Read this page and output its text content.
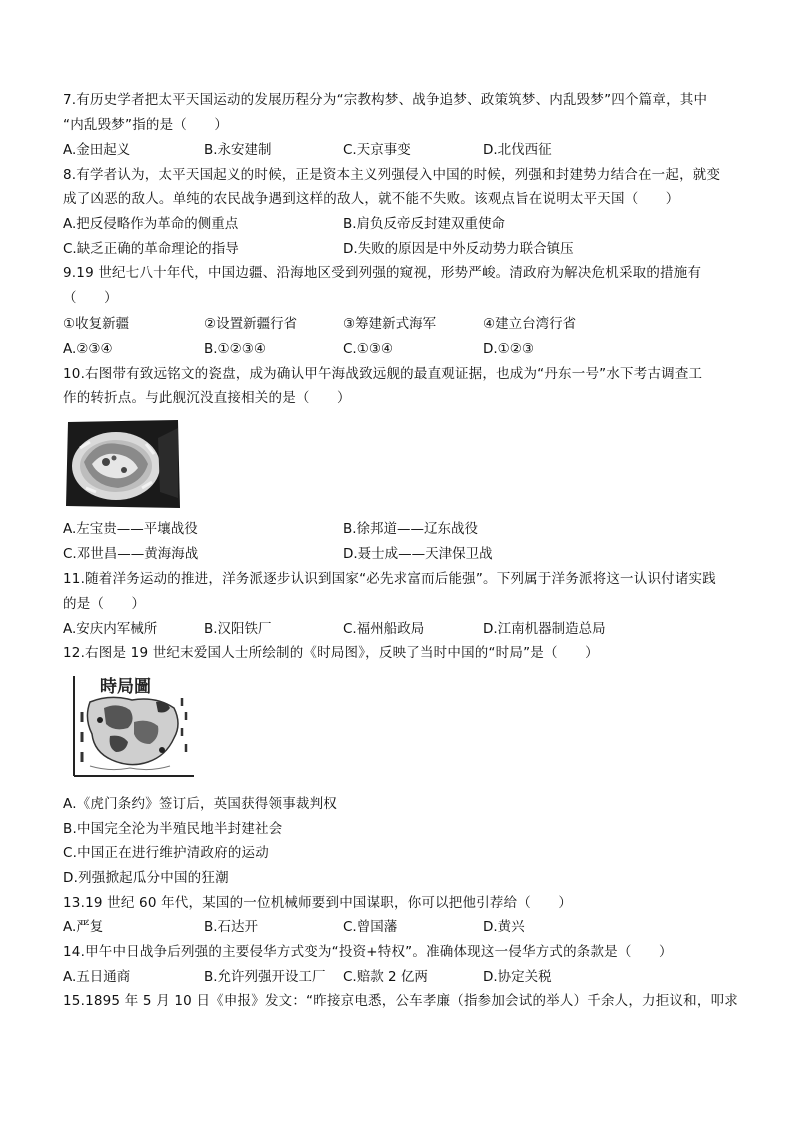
7.有历史学者把太平天国运动的发展历程分为“宗教构梦、战争追梦、政策筑梦、内乱毁梦”四个篇章，其中
“内乱毁梦”指的是（　　）
A.金田起义	B.永安建制	C.天京事变	D.北伐西征
8.有学者认为，太平天国起义的时候，正是资本主义列强侵入中国的时候，列强和封建势力结合在一起，就变
成了凶恶的敌人。单纯的农民战争遇到这样的敌人，就不能不失败。该观点旨在说明太平天国（　　）
A.把反侵略作为革命的侧重点	B.肩负反帝反封建双重使命
C.缺乏正确的革命理论的指导	D.失败的原因是中外反动势力联合镇压
9.19 世纪七八十年代，中国边疆、沿海地区受到列强的窥视，形势严峻。清政府为解决危机采取的措施有
（　　）
①收复新疆	②设置新疆行省	③筹建新式海军	④建立台湾行省
A.②③④	B.①②③④	C.①③④	D.①②③
10.右图带有致远铭文的瓷盘，成为确认甲午海战致远舰的最直观证据，也成为“丹东一号”水下考古调查工
作的转折点。与此舰沉没直接相关的是（　　）
A.左宝贵——平壤战役	B.徐邦道——辽东战役
C.邓世昌——黄海海战	D.聂士成——天津保卫战
11.随着洋务运动的推进，洋务派逐步认识到国家“必先求富而后能强”。下列属于洋务派将这一认识付诸实践
的是（　　）
A.安庆内军械所	B.汉阳铁厂	C.福州船政局	D.江南机器制造总局
12.右图是 19 世纪末爱国人士所绘制的《时局图》，反映了当时中国的“时局”是（　　）
時局圖
A.《虎门条约》签订后，英国获得领事裁判权
B.中国完全沦为半殖民地半封建社会
C.中国正在进行维护清政府的运动
D.列强掀起瓜分中国的狂潮
13.19 世纪 60 年代，某国的一位机械师要到中国谋职，你可以把他引荐给（　　）
A.严复	B.石达开	C.曾国藩	D.黄兴
14.甲午中日战争后列强的主要侵华方式变为“投资+特权”。准确体现这一侵华方式的条款是（　　）
A.五日通商	B.允许列强开设工厂 C.赔款 2 亿两	D.协定关税
15.1895 年 5 月 10 日《申报》发文：“昨接京电悉，公车孝廉（指参加会试的举人）千余人，力拒议和，叩求
